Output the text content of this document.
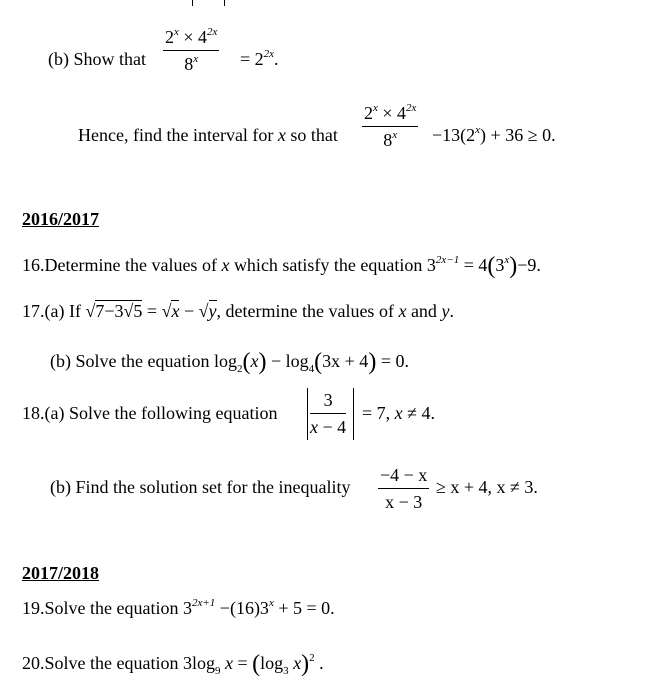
(b) Show that
$2^x \times 4^{2x}$
$8^x = 2^{2x}$.
Hence, find the interval for x so that
$2^x \times 4^{2x}$
$8^x -13(2^x) + 36 \ge 0$.
2016/2017
16.Determine the values of x which satisfy the equation $3^{2x-1} = 4(3^x)-9$.
17.(a) If √7−3√5 = √x − √y, determine the values of x and y.
(b) Solve the equation $\log_2(x) - \log_4(3x + 4) = 0$.
18.(a) Solve the following equation
3
x − 4
= 7, x ≠ 4.
(b) Find the solution set for the inequality
−4 − x
x − 3
≥ x + 4, x ≠ 3.
2017/2018
19.Solve the equation $3^{2x+1} -(16)3^x + 5 = 0$.
20.Solve the equation $3\log_9$ $x = (\log_3$ x)$^2$ .
